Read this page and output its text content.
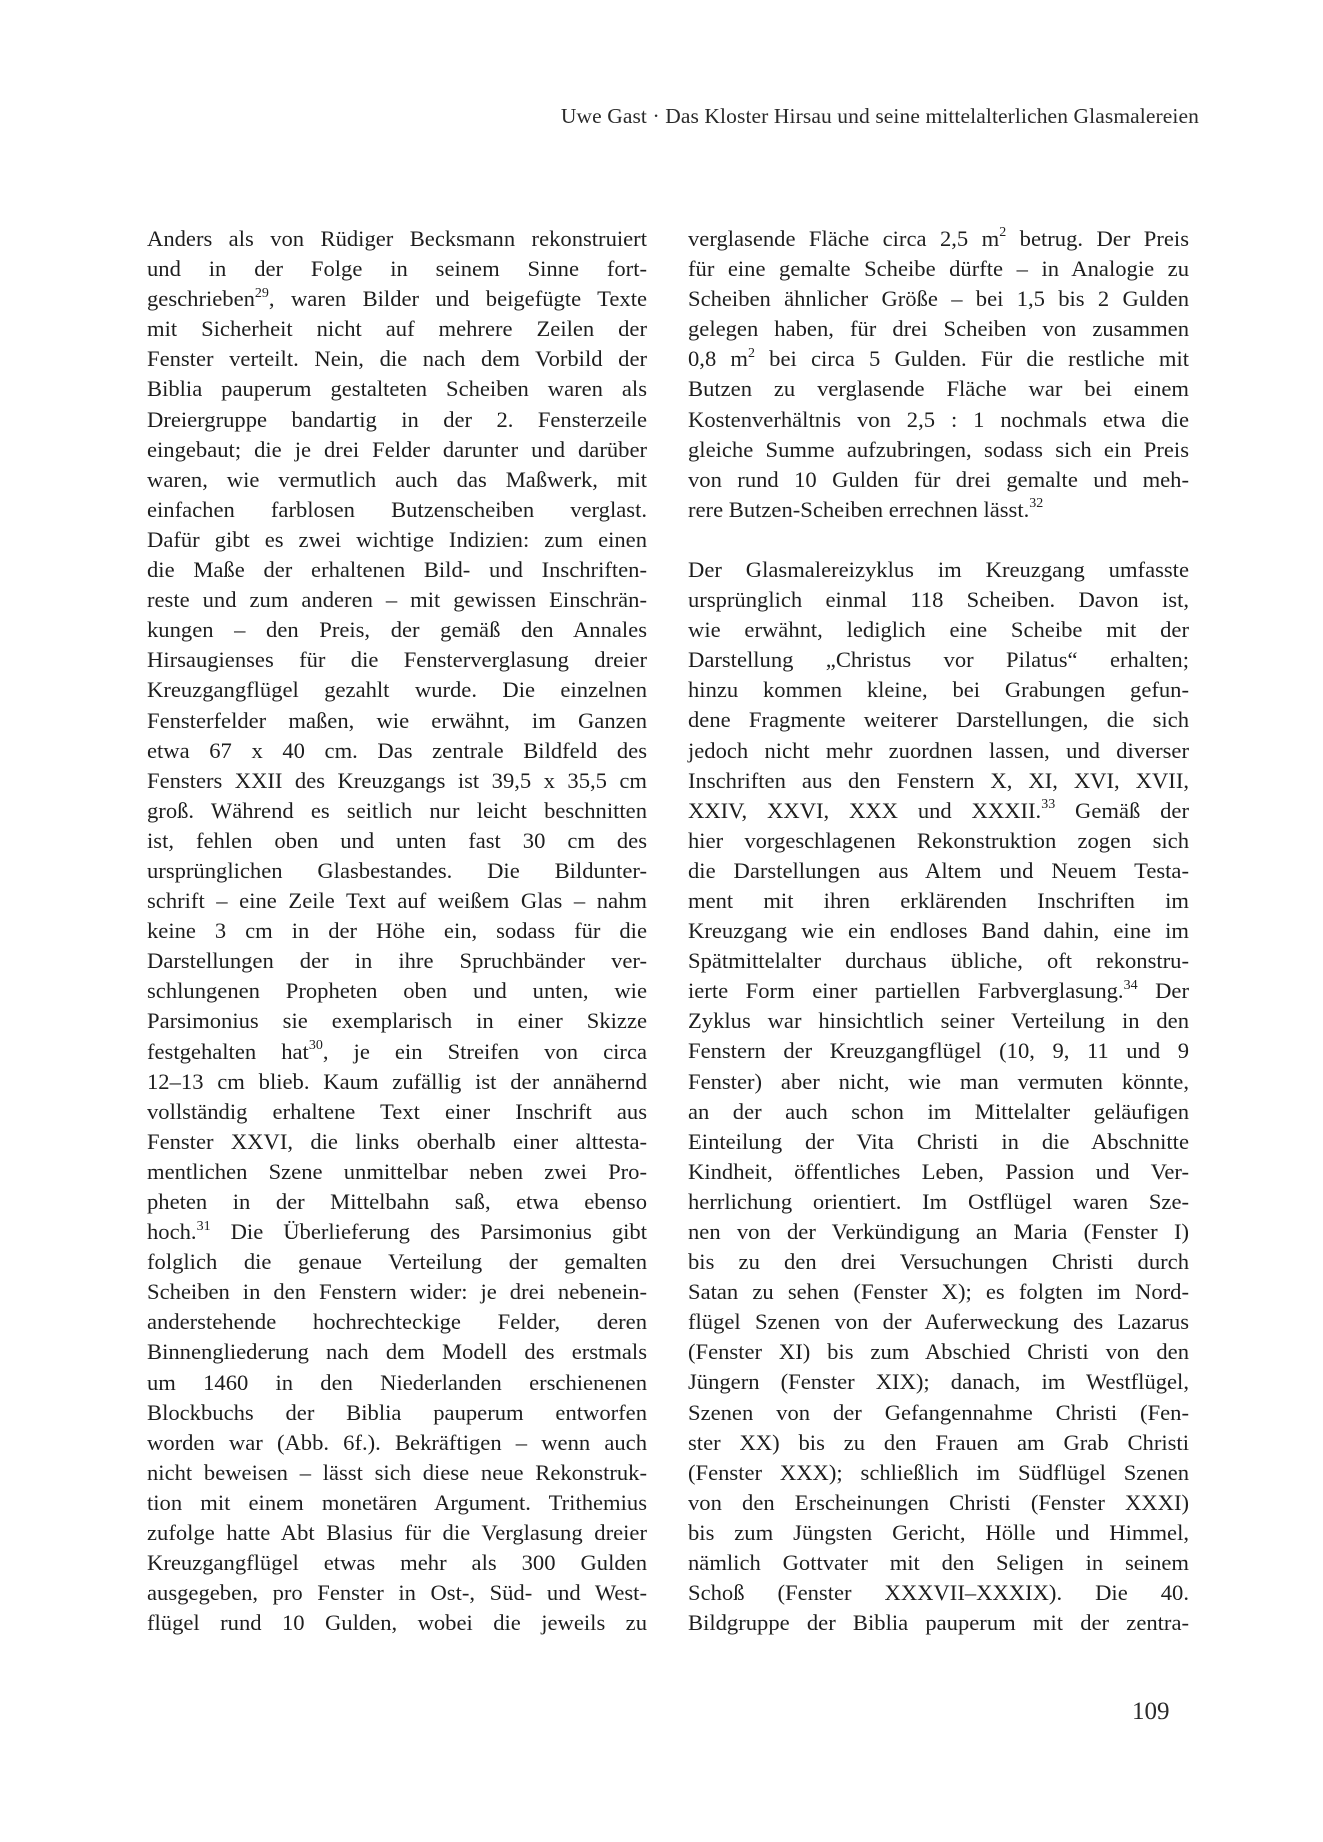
Uwe Gast · Das Kloster Hirsau und seine mittelalterlichen Glasmalereien

Anders als von Rüdiger Becksmann rekonstruiert
und in der Folge in seinem Sinne fort-
geschrieben$^{29}$, waren Bilder und beigefügte Texte
mit Sicherheit nicht auf mehrere Zeilen der
Fenster verteilt. Nein, die nach dem Vorbild der
Biblia pauperum gestalteten Scheiben waren als
Dreiergruppe bandartig in der 2. Fensterzeile
eingebaut; die je drei Felder darunter und darüber
waren, wie vermutlich auch das Maßwerk, mit
einfachen farblosen Butzenscheiben verglast.
Dafür gibt es zwei wichtige Indizien: zum einen
die Maße der erhaltenen Bild- und Inschriften-
reste und zum anderen – mit gewissen Einschrän-
kungen – den Preis, der gemäß den Annales
Hirsaugienses für die Fensterverglasung dreier
Kreuzgangflügel gezahlt wurde. Die einzelnen
Fensterfelder maßen, wie erwähnt, im Ganzen
etwa 67 x 40 cm. Das zentrale Bildfeld des
Fensters XXII des Kreuzgangs ist 39,5 x 35,5 cm
groß. Während es seitlich nur leicht beschnitten
ist, fehlen oben und unten fast 30 cm des
ursprünglichen Glasbestandes. Die Bildunter-
schrift – eine Zeile Text auf weißem Glas – nahm
keine 3 cm in der Höhe ein, sodass für die
Darstellungen der in ihre Spruchbänder ver-
schlungenen Propheten oben und unten, wie
Parsimonius sie exemplarisch in einer Skizze
festgehalten hat$^{30}$, je ein Streifen von circa
12–13 cm blieb. Kaum zufällig ist der annähernd
vollständig erhaltene Text einer Inschrift aus
Fenster XXVI, die links oberhalb einer alttesta-
mentlichen Szene unmittelbar neben zwei Pro-
pheten in der Mittelbahn saß, etwa ebenso
hoch.$^{31}$ Die Überlieferung des Parsimonius gibt
folglich die genaue Verteilung der gemalten
Scheiben in den Fenstern wider: je drei nebenein-
anderstehende hochrechteckige Felder, deren
Binnengliederung nach dem Modell des erstmals
um 1460 in den Niederlanden erschienenen
Blockbuchs der Biblia pauperum entworfen
worden war (Abb. 6f.). Bekräftigen – wenn auch
nicht beweisen – lässt sich diese neue Rekonstruk-
tion mit einem monetären Argument. Trithemius
zufolge hatte Abt Blasius für die Verglasung dreier
Kreuzgangflügel etwas mehr als 300 Gulden
ausgegeben, pro Fenster in Ost-, Süd- und West-
flügel rund 10 Gulden, wobei die jeweils zu

verglasende Fläche circa 2,5 $m^2$ betrug. Der Preis
für eine gemalte Scheibe dürfte – in Analogie zu
Scheiben ähnlicher Größe – bei 1,5 bis 2 Gulden
gelegen haben, für drei Scheiben von zusammen
0,8 $m^2$ bei circa 5 Gulden. Für die restliche mit
Butzen zu verglasende Fläche war bei einem
Kostenverhältnis von 2,5 : 1 nochmals etwa die
gleiche Summe aufzubringen, sodass sich ein Preis
von rund 10 Gulden für drei gemalte und meh-
rere Butzen-Scheiben errechnen lässt.$^{32}$

Der Glasmalereizyklus im Kreuzgang umfasste
ursprünglich einmal 118 Scheiben. Davon ist,
wie erwähnt, lediglich eine Scheibe mit der
Darstellung „Christus vor Pilatus“ erhalten;
hinzu kommen kleine, bei Grabungen gefun-
dene Fragmente weiterer Darstellungen, die sich
jedoch nicht mehr zuordnen lassen, und diverser
Inschriften aus den Fenstern X, XI, XVI, XVII,
XXIV, XXVI, XXX und XXXII.$^{33}$ Gemäß der
hier vorgeschlagenen Rekonstruktion zogen sich
die Darstellungen aus Altem und Neuem Testa-
ment mit ihren erklärenden Inschriften im
Kreuzgang wie ein endloses Band dahin, eine im
Spätmittelalter durchaus übliche, oft rekonstru-
ierte Form einer partiellen Farbverglasung.$^{34}$ Der
Zyklus war hinsichtlich seiner Verteilung in den
Fenstern der Kreuzgangflügel (10, 9, 11 und 9
Fenster) aber nicht, wie man vermuten könnte,
an der auch schon im Mittelalter geläufigen
Einteilung der Vita Christi in die Abschnitte
Kindheit, öffentliches Leben, Passion und Ver-
herrlichung orientiert. Im Ostflügel waren Sze-
nen von der Verkündigung an Maria (Fenster I)
bis zu den drei Versuchungen Christi durch
Satan zu sehen (Fenster X); es folgten im Nord-
flügel Szenen von der Auferweckung des Lazarus
(Fenster XI) bis zum Abschied Christi von den
Jüngern (Fenster XIX); danach, im Westflügel,
Szenen von der Gefangennahme Christi (Fen-
ster XX) bis zu den Frauen am Grab Christi
(Fenster XXX); schließlich im Südflügel Szenen
von den Erscheinungen Christi (Fenster XXXI)
bis zum Jüngsten Gericht, Hölle und Himmel,
nämlich Gottvater mit den Seligen in seinem
Schoß (Fenster XXXVII–XXXIX). Die 40.
Bildgruppe der Biblia pauperum mit der zentra-

109
